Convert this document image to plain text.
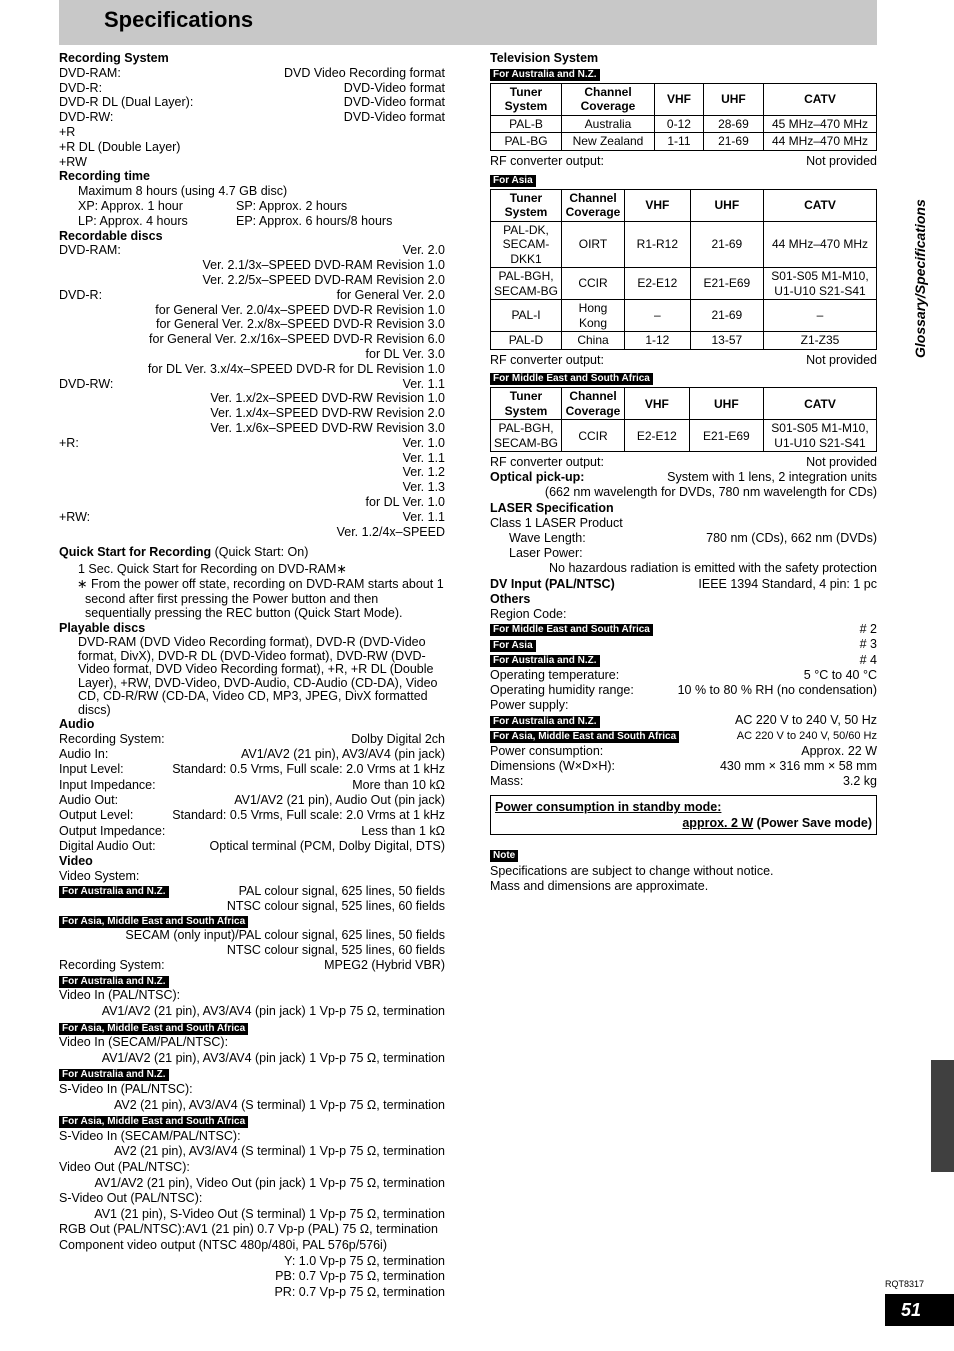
Specifications
Recording System
DVD-RAM:	DVD Video Recording format
DVD-R:	DVD-Video format
DVD-R DL (Dual Layer):	DVD-Video format
DVD-RW:	DVD-Video format
+R
+R DL (Double Layer)
+RW
Recording time
Maximum 8 hours (using 4.7 GB disc)
XP: Approx. 1 hour	SP: Approx. 2 hours
LP: Approx. 4 hours	EP: Approx. 6 hours/8 hours
Recordable discs
DVD-RAM:	Ver. 2.0
Ver. 2.1/3x–SPEED DVD-RAM Revision 1.0
Ver. 2.2/5x–SPEED DVD-RAM Revision 2.0
DVD-R:	for General Ver. 2.0
for General Ver. 2.0/4x–SPEED DVD-R Revision 1.0
for General Ver. 2.x/8x–SPEED DVD-R Revision 3.0
for General Ver. 2.x/16x–SPEED DVD-R Revision 6.0
for DL Ver. 3.0
for DL Ver. 3.x/4x–SPEED DVD-R for DL Revision 1.0
DVD-RW:	Ver. 1.1
Ver. 1.x/2x–SPEED DVD-RW Revision 1.0
Ver. 1.x/4x–SPEED DVD-RW Revision 2.0
Ver. 1.x/6x–SPEED DVD-RW Revision 3.0
+R:	Ver. 1.0
Ver. 1.1
Ver. 1.2
Ver. 1.3
for DL Ver. 1.0
+RW:	Ver. 1.1
Ver. 1.2/4x–SPEED
Quick Start for Recording (Quick Start: On)
1 Sec. Quick Start for Recording on DVD-RAM∗
∗ From the power off state, recording on DVD-RAM starts about 1 second after first pressing the Power button and then sequentially pressing the REC button (Quick Start Mode).
Playable discs
DVD-RAM (DVD Video Recording format), DVD-R (DVD-Video format, DivX), DVD-R DL (DVD-Video format), DVD-RW (DVD-Video format, DVD Video Recording format), +R, +R DL (Double Layer), +RW, DVD-Video, DVD-Audio, CD-Audio (CD-DA), Video CD, CD-R/RW (CD-DA, Video CD, MP3, JPEG, DivX formatted discs)
Audio
Recording System:	Dolby Digital 2ch
Audio In:	AV1/AV2 (21 pin), AV3/AV4 (pin jack)
Input Level:	Standard: 0.5 Vrms, Full scale: 2.0 Vrms at 1 kHz
Input Impedance:	More than 10 kΩ
Audio Out:	AV1/AV2 (21 pin), Audio Out (pin jack)
Output Level:	Standard: 0.5 Vrms, Full scale: 2.0 Vrms at 1 kHz
Output Impedance:	Less than 1 kΩ
Digital Audio Out:	Optical terminal (PCM, Dolby Digital, DTS)
Video
Video System:
For Australia and N.Z.	PAL colour signal, 625 lines, 50 fields
NTSC colour signal, 525 lines, 60 fields
For Asia, Middle East and South Africa
SECAM (only input)/PAL colour signal, 625 lines, 50 fields
NTSC colour signal, 525 lines, 60 fields
Recording System:	MPEG2 (Hybrid VBR)
For Australia and N.Z.
Video In (PAL/NTSC):
AV1/AV2 (21 pin), AV3/AV4 (pin jack) 1 Vp-p 75 Ω, termination
For Asia, Middle East and South Africa
Video In (SECAM/PAL/NTSC):
AV1/AV2 (21 pin), AV3/AV4 (pin jack) 1 Vp-p 75 Ω, termination
For Australia and N.Z.
S-Video In (PAL/NTSC):
AV2 (21 pin), AV3/AV4 (S terminal) 1 Vp-p 75 Ω, termination
For Asia, Middle East and South Africa
S-Video In (SECAM/PAL/NTSC):
AV2 (21 pin), AV3/AV4 (S terminal) 1 Vp-p 75 Ω, termination
Video Out (PAL/NTSC):
AV1/AV2 (21 pin), Video Out (pin jack) 1 Vp-p 75 Ω, termination
S-Video Out (PAL/NTSC):
AV1 (21 pin), S-Video Out (S terminal) 1 Vp-p 75 Ω, termination
RGB Out (PAL/NTSC):AV1 (21 pin) 0.7 Vp-p (PAL) 75 Ω, termination
Component video output (NTSC 480p/480i, PAL 576p/576i)
Y: 1.0 Vp-p 75 Ω, termination
PB: 0.7 Vp-p 75 Ω, termination
PR: 0.7 Vp-p 75 Ω, termination
Television System
For Australia and N.Z.
Tuner System	Channel Coverage	VHF	UHF	CATV
PAL-B	Australia	0-12	28-69	45 MHz–470 MHz
PAL-BG	New Zealand	1-11	21-69	44 MHz–470 MHz
RF converter output:	Not provided
For Asia
Tuner System	Channel Coverage	VHF	UHF	CATV
PAL-DK, SECAM-DKK1	OIRT	R1-R12	21-69	44 MHz–470 MHz
PAL-BGH, SECAM-BG	CCIR	E2-E12	E21-E69	S01-S05 M1-M10, U1-U10 S21-S41
PAL-I	Hong Kong	–	21-69	–
PAL-D	China	1-12	13-57	Z1-Z35
RF converter output:	Not provided
For Middle East and South Africa
Tuner System	Channel Coverage	VHF	UHF	CATV
PAL-BGH, SECAM-BG	CCIR	E2-E12	E21-E69	S01-S05 M1-M10, U1-U10 S21-S41
RF converter output:	Not provided
Optical pick-up:	System with 1 lens, 2 integration units
(662 nm wavelength for DVDs, 780 nm wavelength for CDs)
LASER Specification
Class 1 LASER Product
Wave Length:	780 nm (CDs), 662 nm (DVDs)
Laser Power:
No hazardous radiation is emitted with the safety protection
DV Input (PAL/NTSC)	IEEE 1394 Standard, 4 pin: 1 pc
Others
Region Code:
For Middle East and South Africa	# 2
For Asia	# 3
For Australia and N.Z.	# 4
Operating temperature:	5 °C to 40 °C
Operating humidity range:	10 % to 80 % RH (no condensation)
Power supply:
For Australia and N.Z.	AC 220 V to 240 V, 50 Hz
For Asia, Middle East and South Africa	AC 220 V to 240 V, 50/60 Hz
Power consumption:	Approx. 22 W
Dimensions (W×D×H):	430 mm × 316 mm × 58 mm
Mass:	3.2 kg
Power consumption in standby mode:
approx. 2 W (Power Save mode)
Note
Specifications are subject to change without notice.
Mass and dimensions are approximate.
Glossary/Specifications
RQT8317
51
